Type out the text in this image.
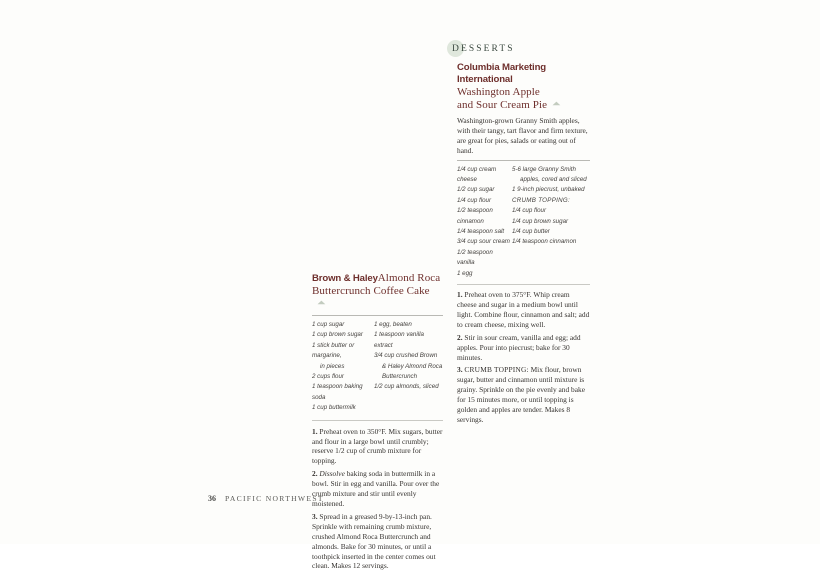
DESSERTS
Columbia Marketing International
Washington Apple
and Sour Cream Pie
Washington-grown Granny Smith apples, with their tangy, tart flavor and firm texture, are great for pies, salads or eating out of hand.
1/4 cup cream cheese
1/2 cup sugar
1/4 cup flour
1/2 teaspoon cinnamon
1/4 teaspoon salt
3/4 cup sour cream
1/2 teaspoon vanilla
1 egg
5-6 large Granny Smith
apples, cored and sliced
1 9-inch piecrust, unbaked
CRUMB TOPPING:
1/4 cup flour
1/4 cup brown sugar
1/4 cup butter
1/4 teaspoon cinnamon
1. Preheat oven to 375°F. Whip cream cheese and sugar in a medium bowl until light. Combine flour, cinnamon and salt; add to cream cheese, mixing well.
2. Stir in sour cream, vanilla and egg; add apples. Pour into piecrust; bake for 30 minutes.
3. CRUMB TOPPING: Mix flour, brown sugar, butter and cinnamon until mixture is grainy. Sprinkle on the pie evenly and bake for 15 minutes more, or until topping is golden and apples are tender. Makes 8 servings.
Brown & HaleyAlmond Roca
Buttercrunch Coffee Cake
1 cup sugar
1 cup brown sugar
1 stick butter or margarine,
in pieces
2 cups flour
1 teaspoon baking soda
1 cup buttermilk
1 egg, beaten
1 teaspoon vanilla extract
3/4 cup crushed Brown
& Haley Almond Roca
Buttercrunch
1/2 cup almonds, sliced
1. Preheat oven to 350°F. Mix sugars, butter and flour in a large bowl until crumbly; reserve 1/2 cup of crumb mixture for topping.
2. Dissolve baking soda in buttermilk in a bowl. Stir in egg and vanilla. Pour over the crumb mixture and stir until evenly moistened.
3. Spread in a greased 9-by-13-inch pan. Sprinkle with remaining crumb mixture, crushed Almond Roca Buttercrunch and almonds. Bake for 30 minutes, or until a toothpick inserted in the center comes out clean. Makes 12 servings.
36 PACIFIC NORTHWEST
